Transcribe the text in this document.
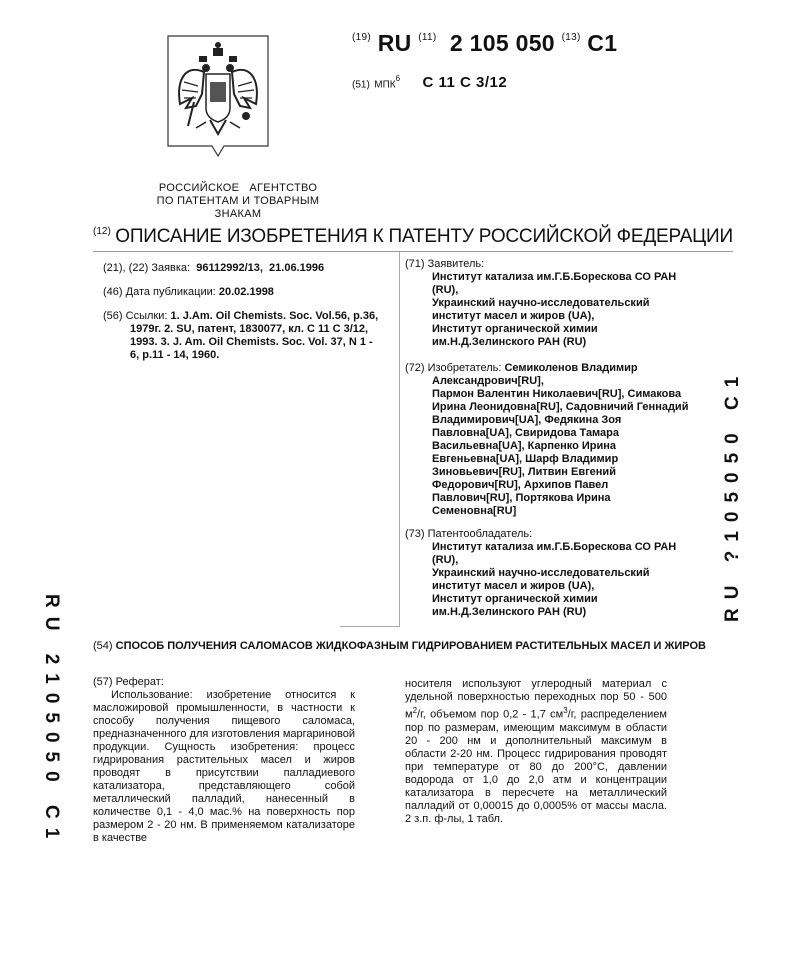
$^{(19)}$ RU $^{(11)}$ 2 105 050 $^{(13)}$ C1
(51) МПК$^6$ C 11 C 3/12
РОССИЙСКОЕ   АГЕНТСТВО
ПО ПАТЕНТАМ И ТОВАРНЫМ ЗНАКАМ
$^{(12)}$ ОПИСАНИЕ ИЗОБРЕТЕНИЯ К ПАТЕНТУ РОССИЙСКОЙ ФЕДЕРАЦИИ
(21), (22) Заявка: 96112992/13,  21.06.1996
(46) Дата публикации: 20.02.1998
(56) Ссылки: 1. J.Am. Oil Chemists. Soc. Vol.56, p.36, 1979г. 2. SU, патент, 1830077, кл. C 11 C 3/12, 1993. 3. J. Am. Oil Chemists. Soc. Vol. 37, N 1 - 6, p.11 - 14, 1960.
(71) Заявитель:
Институт катализа им.Г.Б.Борескова СО РАН
(RU),
Украинский научно-исследовательский
институт масел и жиров (UA),
Институт органической химии
им.Н.Д.Зелинского РАН (RU)
(72) Изобретатель: Семиколенов Владимир
Александрович[RU],
Пармон Валентин Николаевич[RU], Симакова
Ирина Леонидовна[RU], Садовничий Геннадий
Владимирович[UA], Федякина Зоя
Павловна[UA], Свиридова Тамара
Васильевна[UA], Карпенко Ирина
Евгеньевна[UA], Шарф Владимир
Зиновьевич[RU], Литвин Евгений
Федорович[RU], Архипов Павел
Павлович[RU], Портякова Ирина
Семеновна[RU]
(73) Патентообладатель:
Институт катализа им.Г.Б.Борескова СО РАН
(RU),
Украинский научно-исследовательский
институт масел и жиров (UA),
Институт органической химии
им.Н.Д.Зелинского РАН (RU)	RU ?105050 C1
RU 2105050 C1	(54) СПОСОБ ПОЛУЧЕНИЯ САЛОМАСОВ ЖИДКОФАЗНЫМ ГИДРИРОВАНИЕМ РАСТИТЕЛЬНЫХ МАСЕЛ И ЖИРОВ
(57) Реферат:
Использование: изобретение относится к масложировой промышленности, в частности к способу получения пищевого саломаса, предназначенного для изготовления маргариновой продукции. Сущность изобретения: процесс гидрирования растительных масел и жиров проводят в присутствии палладиевого катализатора, представляющего собой металлический палладий, нанесенный в количестве 0,1 - 4,0 мас.% на поверхность пор размером 2 - 20 нм. В применяемом катализаторе в качестве
носителя используют углеродный материал с удельной поверхностью переходных пор 50 - 500 $м^2/г$, объемом пор 0,2 - 1,7 $см^3/г$, распределением пор по размерам, имеющим максимум в области 20 - 200 нм и дополнительный максимум в области 2-20 нм. Процесс гидрирования проводят при температуре от 80 до 200°C, давлении водорода от 1,0 до 2,0 атм и концентрации катализатора в пересчете на металлический палладий от 0,00015 до 0,0005% от массы масла. 2 з.п. ф-лы, 1 табл.
